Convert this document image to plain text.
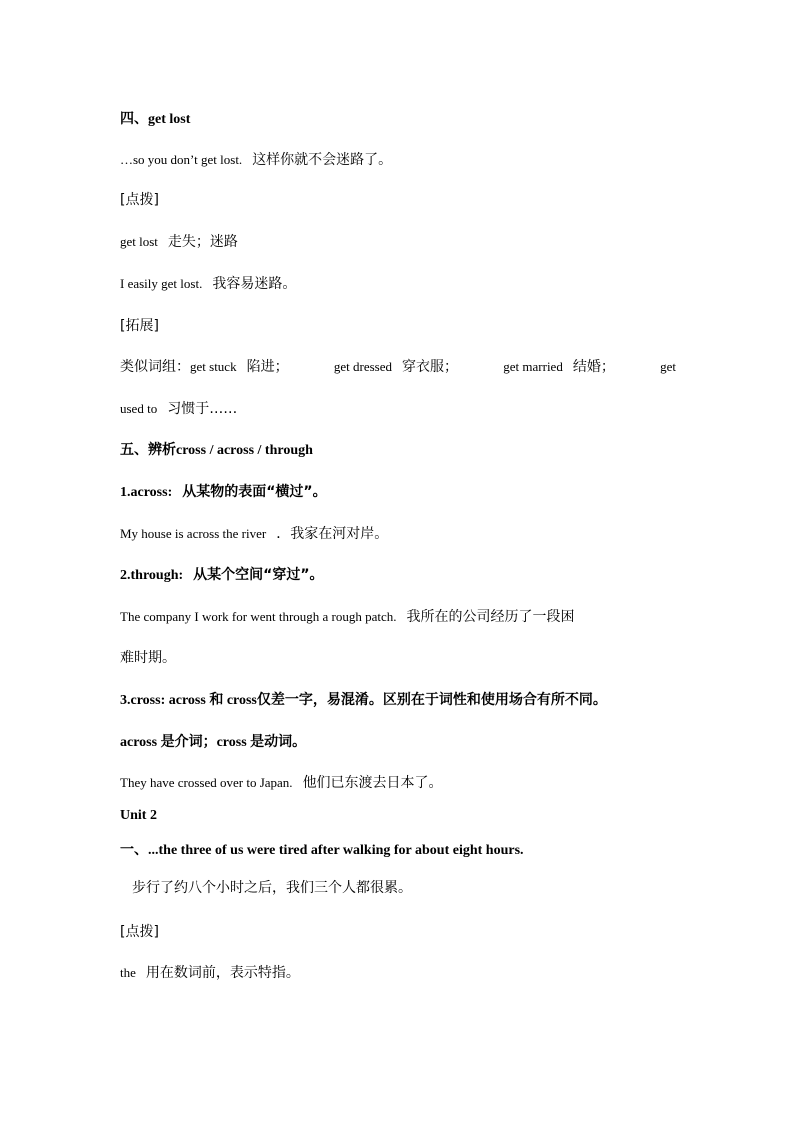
四、get lost
…so you don’t get lost. 这样你就不会迷路了。
[点拨]
get lost 走失；迷路
I easily get lost. 我容易迷路。
[拓展]
类似词组：get stuck 陷进；	get dressed 穿衣服；	get married 结婚；	get
used to 习惯于……
五、辨析cross / across / through
1.across: 从某物的表面“横过”。
My house is across the river ．我家在河对岸。
2.through: 从某个空间“穿过”。
The company I work for went through a rough patch. 我所在的公司经历了一段困
难时期。
3.cross: across 和 cross仅差一字，易混淆。区别在于词性和使用场合有所不同。
across 是介词；cross 是动词。
They have crossed over to Japan. 他们已东渡去日本了。
Unit 2
一、...the three of us were tired after walking for about eight hours.
步行了约八个小时之后，我们三个人都很累。
[点拨]
the 用在数词前，表示特指。
